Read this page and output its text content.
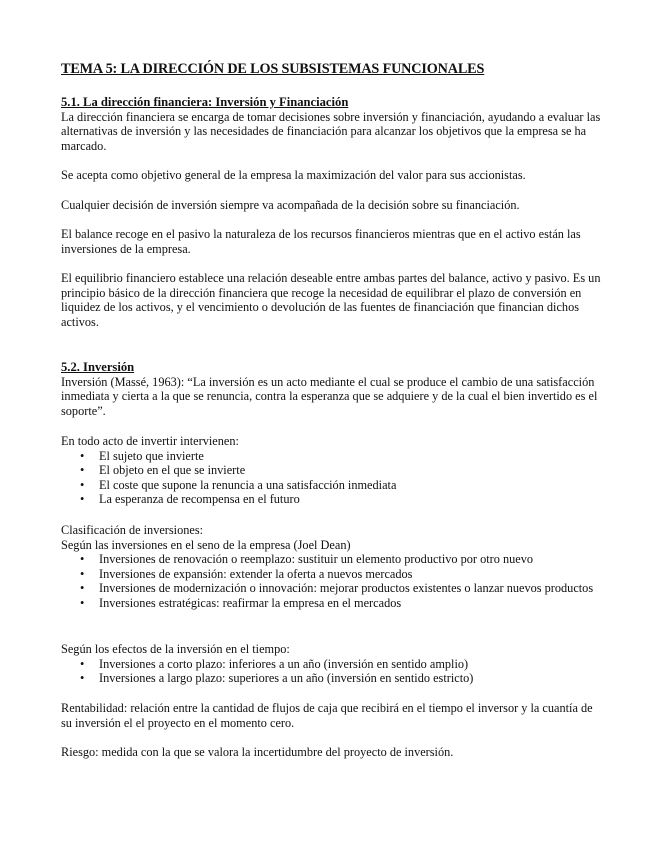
TEMA 5: LA DIRECCIÓN DE LOS SUBSISTEMAS FUNCIONALES
5.1. La dirección financiera: Inversión y Financiación

La dirección financiera se encarga de tomar decisiones sobre inversión y financiación, ayudando a evaluar las alternativas de inversión y las necesidades de financiación para alcanzar los objetivos que la empresa se ha marcado.

Se acepta como objetivo general de la empresa la maximización del valor para sus accionistas.

Cualquier decisión de inversión siempre va acompañada de la decisión sobre su financiación.

El balance recoge en el pasivo la naturaleza de los recursos financieros mientras que en el activo están las inversiones de la empresa.

El equilibrio financiero establece una relación deseable entre ambas partes del balance, activo y pasivo. Es un principio básico de la dirección financiera que recoge la necesidad de equilibrar el plazo de conversión en liquidez de los activos, y el vencimiento o devolución de las fuentes de financiación que financian dichos activos.

5.2. Inversión

Inversión (Massé, 1963): “La inversión es un acto mediante el cual se produce el cambio de una satisfacción inmediata y cierta a la que se renuncia, contra la esperanza que se adquiere y de la cual el bien invertido es el soporte”.

En todo acto de invertir intervienen:

• El sujeto que invierte
• El objeto en el que se invierte
• El coste que supone la renuncia a una satisfacción inmediata
• La esperanza de recompensa en el futuro

Clasificación de inversiones:

Según las inversiones en el seno de la empresa (Joel Dean)

• Inversiones de renovación o reemplazo: sustituir un elemento productivo por otro nuevo
• Inversiones de expansión: extender la oferta a nuevos mercados
• Inversiones de modernización o innovación: mejorar productos existentes o lanzar nuevos productos
• Inversiones estratégicas: reafirmar la empresa en el mercados

Según los efectos de la inversión en el tiempo:

• Inversiones a corto plazo: inferiores a un año (inversión en sentido amplio)
• Inversiones a largo plazo: superiores a un año (inversión en sentido estricto)

Rentabilidad: relación entre la cantidad de flujos de caja que recibirá en el tiempo el inversor y la cuantía de su inversión el el proyecto en el momento cero.

Riesgo: medida con la que se valora la incertidumbre del proyecto de inversión.
